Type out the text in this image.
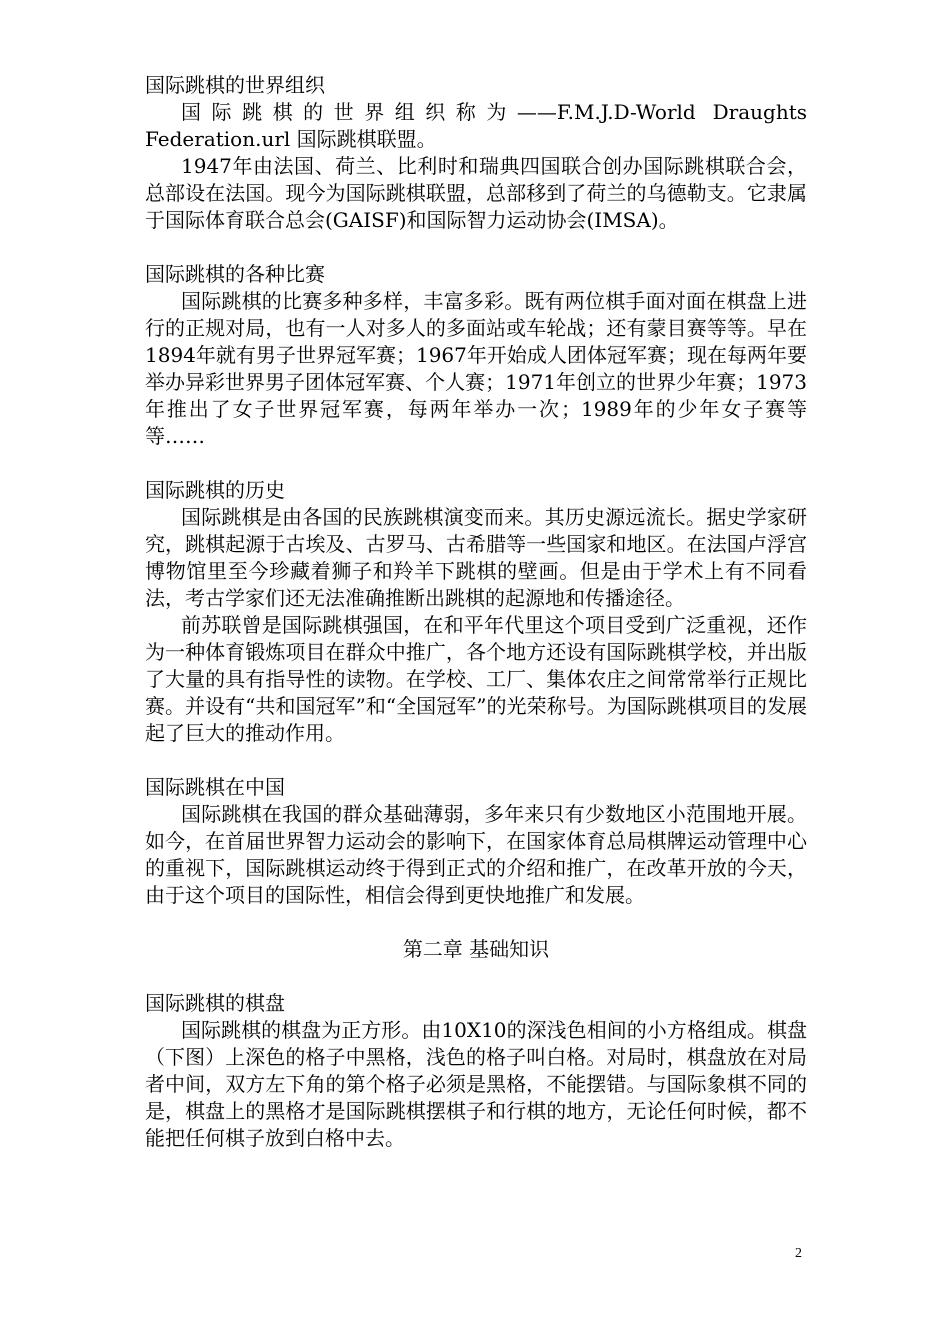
国际跳棋的世界组织

国际跳棋的世界组织称为——F.M.J.D-World Draughts Federation.url 国际跳棋联盟。

1947年由法国、荷兰、比利时和瑞典四国联合创办国际跳棋联合会，总部设在法国。现今为国际跳棋联盟，总部移到了荷兰的乌德勒支。它隶属于国际体育联合总会(GAISF)和国际智力运动协会(IMSA)。

国际跳棋的各种比赛

国际跳棋的比赛多种多样，丰富多彩。既有两位棋手面对面在棋盘上进行的正规对局，也有一人对多人的多面站或车轮战；还有蒙目赛等等。早在1894年就有男子世界冠军赛；1967年开始成人团体冠军赛；现在每两年要举办异彩世界男子团体冠军赛、个人赛；1971年创立的世界少年赛；1973年推出了女子世界冠军赛，每两年举办一次；1989年的少年女子赛等等……

国际跳棋的历史

国际跳棋是由各国的民族跳棋演变而来。其历史源远流长。据史学家研究，跳棋起源于古埃及、古罗马、古希腊等一些国家和地区。在法国卢浮宫博物馆里至今珍藏着狮子和羚羊下跳棋的壁画。但是由于学术上有不同看法，考古学家们还无法准确推断出跳棋的起源地和传播途径。

前苏联曾是国际跳棋强国，在和平年代里这个项目受到广泛重视，还作为一种体育锻炼项目在群众中推广，各个地方还设有国际跳棋学校，并出版了大量的具有指导性的读物。在学校、工厂、集体农庄之间常常举行正规比赛。并设有“共和国冠军”和“全国冠军”的光荣称号。为国际跳棋项目的发展起了巨大的推动作用。

国际跳棋在中国

国际跳棋在我国的群众基础薄弱，多年来只有少数地区小范围地开展。如今，在首届世界智力运动会的影响下，在国家体育总局棋牌运动管理中心的重视下，国际跳棋运动终于得到正式的介绍和推广，在改革开放的今天，由于这个项目的国际性，相信会得到更快地推广和发展。

第二章 基础知识

国际跳棋的棋盘

国际跳棋的棋盘为正方形。由10X10的深浅色相间的小方格组成。棋盘（下图）上深色的格子中黑格，浅色的格子叫白格。对局时，棋盘放在对局者中间，双方左下角的第个格子必须是黑格，不能摆错。与国际象棋不同的是，棋盘上的黑格才是国际跳棋摆棋子和行棋的地方，无论任何时候，都不能把任何棋子放到白格中去。

2
